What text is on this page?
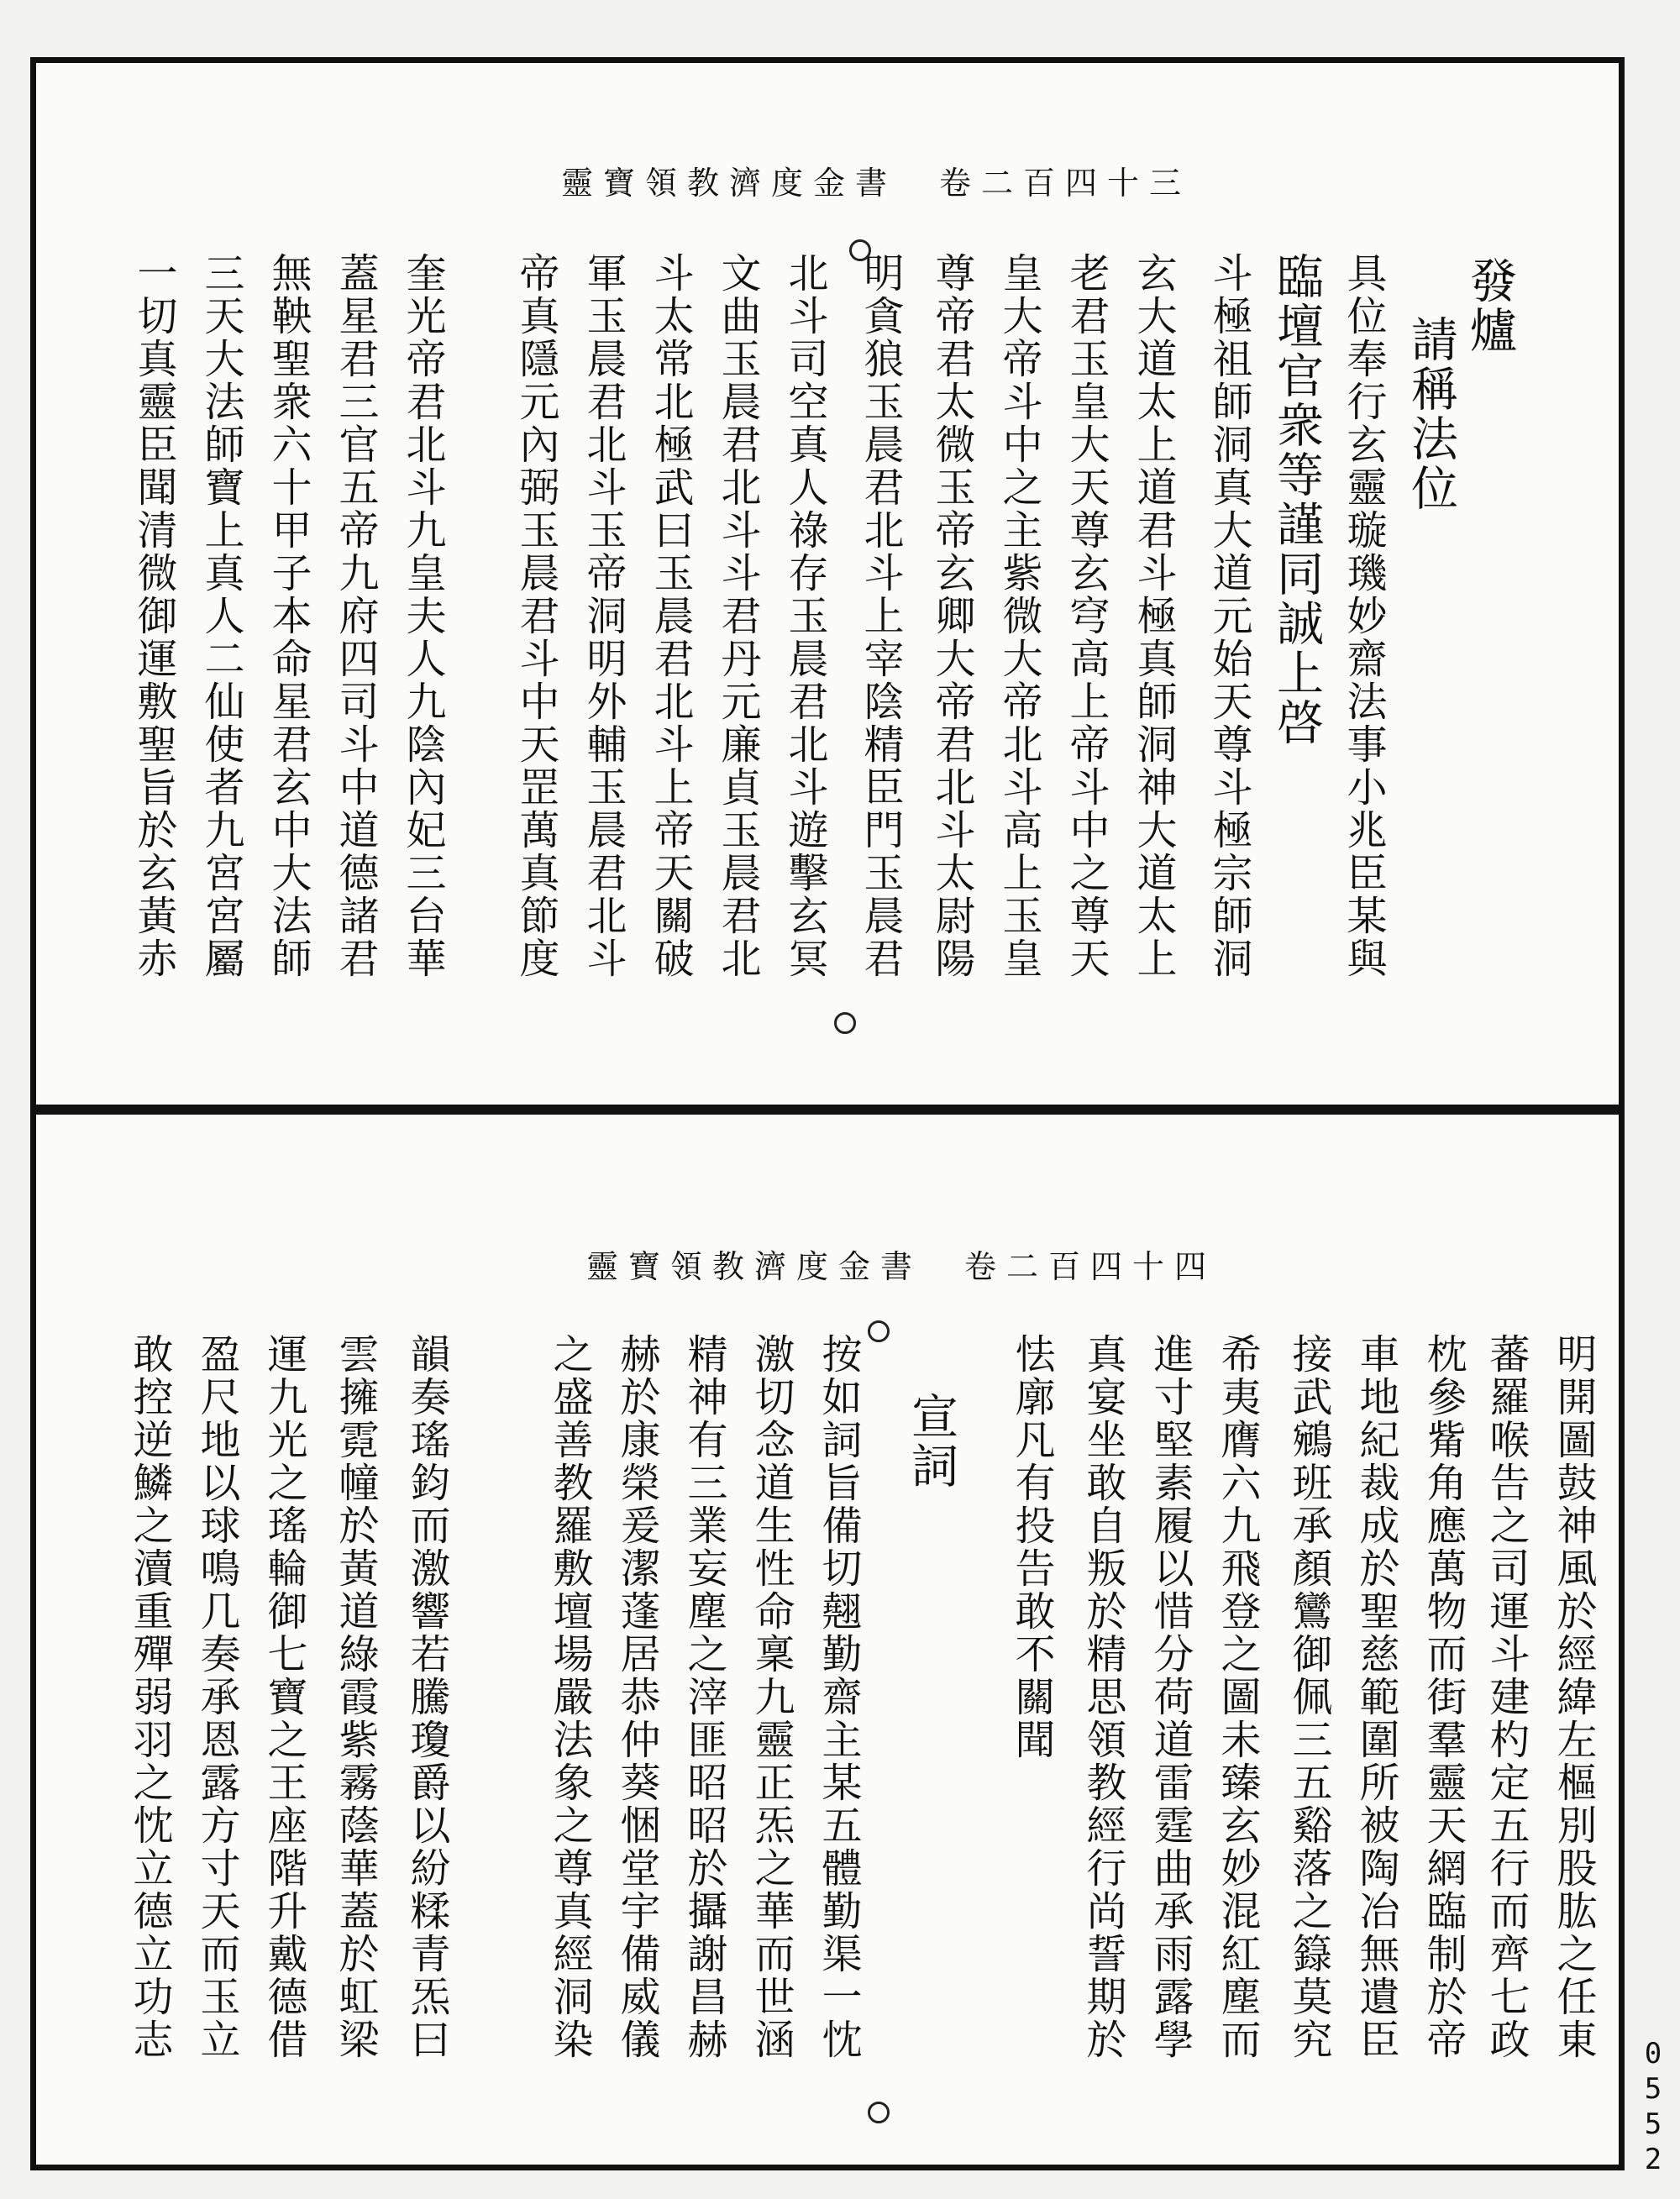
靈寶領教濟度金書　卷二百四十三
發爐
請稱法位
具位奉行玄靈璇璣妙齋法事小兆臣某與
臨壇官衆等謹同誠上啓
斗極祖師洞真大道元始天尊斗極宗師洞
玄大道太上道君斗極真師洞神大道太上
老君玉皇大天尊玄穹高上帝斗中之尊天
皇大帝斗中之主紫微大帝北斗高上玉皇
尊帝君太微玉帝玄卿大帝君北斗太尉陽
明貪狼玉晨君北斗上宰陰精臣門玉晨君
北斗司空真人祿存玉晨君北斗遊擊玄冥
文曲玉晨君北斗斗君丹元廉貞玉晨君北
斗太常北極武曰玉晨君北斗上帝天關破
軍玉晨君北斗玉帝洞明外輔玉晨君北斗
帝真隱元內弼玉晨君斗中天罡萬真節度
奎光帝君北斗九皇夫人九陰內妃三台華
蓋星君三官五帝九府四司斗中道德諸君
無鞅聖衆六十甲子本命星君玄中大法師
三天大法師寶上真人二仙使者九宮宮屬
一切真靈臣聞清微御運敷聖旨於玄黃赤
靈寶領教濟度金書　卷二百四十四
明開圖鼓神風於經緯左樞別股肱之任東
蕃羅喉告之司運斗建杓定五行而齊七政
枕參觜角應萬物而街羣靈天網臨制於帝
車地紀裁成於聖慈範圍所被陶冶無遺臣
接武鵷班承顏鸞御佩三五谿落之籙莫究
希夷膺六九飛登之圖未臻玄妙混紅塵而
進寸堅素履以惜分荷道雷霆曲承雨露學
真宴坐敢自叛於精思領教經行尚誓期於
怯廓凡有投告敢不關聞
宣詞
按如詞旨備切翹勤齋主某五體勤渠一忱
激切念道生性命稟九靈正炁之華而世涵
精神有三業妄塵之滓匪昭昭於攝謝昌赫
赫於康榮爰潔蓬居恭仲葵悃堂宇備威儀
之盛善教羅敷壇場嚴法象之尊真經洞染
韻奏瑤鈞而激響若騰瓊爵以紛糅青炁曰
雲擁霓幢於黃道綠霞紫霧蔭華蓋於虹梁
運九光之瑤輪御七寶之王座階升戴德借
盈尺地以球鳴几奏承恩露方寸天而玉立
敢控逆鱗之瀆重殫弱羽之忱立德立功志
0552
